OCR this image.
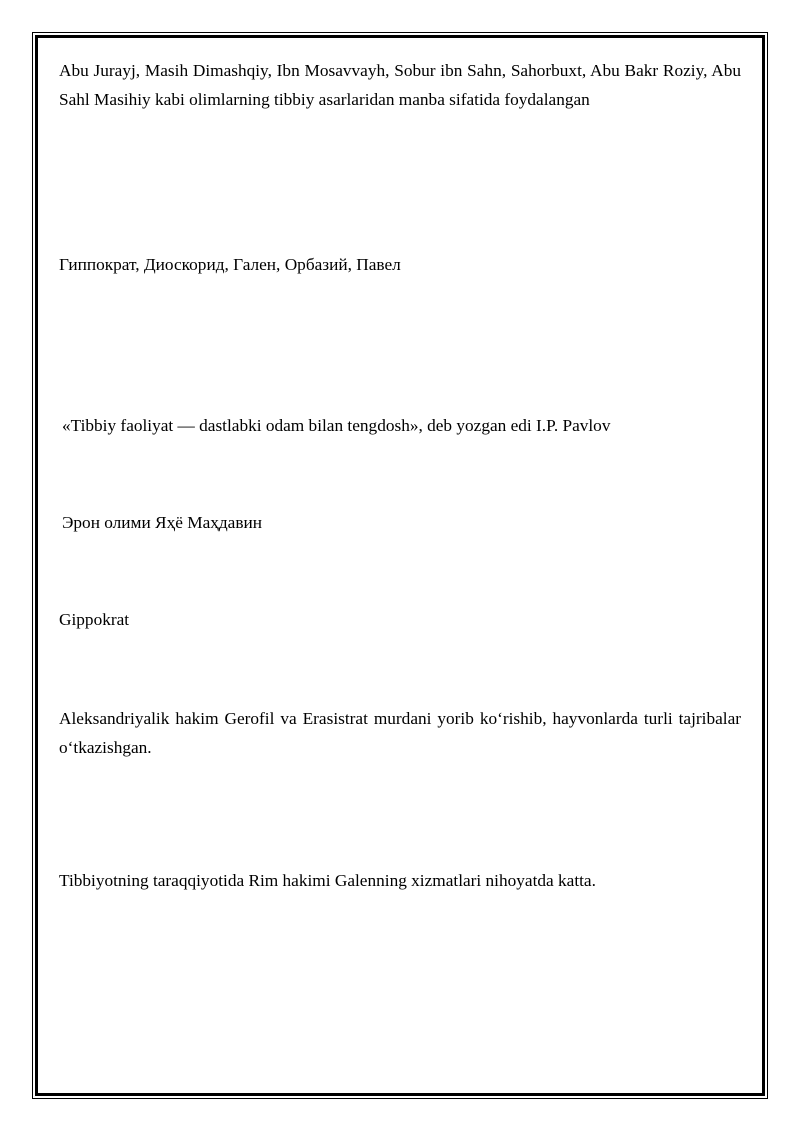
Abu Jurayj, Masih Dimashqiy, Ibn Mosavvayh, Sobur ibn Sahn, Sahorbuxt, Abu Bakr Roziy, Abu Sahl Masihiy kabi olimlarning tibbiy asarlaridan manba sifatida foydalangan

Гиппократ, Диоскорид, Гален, Орбазий, Павел

«Tibbiy faoliyat — dastlabki odam bilan tengdosh», deb yozgan edi I.P. Pavlov

Эрон олими Яҳё Маҳдавин

Gippokrat

Aleksandriyalik hakim Gerofil va Erasistrat murdani yorib koʻrishib, hayvonlarda turli tajribalar oʻtkazishgan.

Tibbiyotning taraqqiyotida Rim hakimi Galenning xizmatlari nihoyatda katta.
